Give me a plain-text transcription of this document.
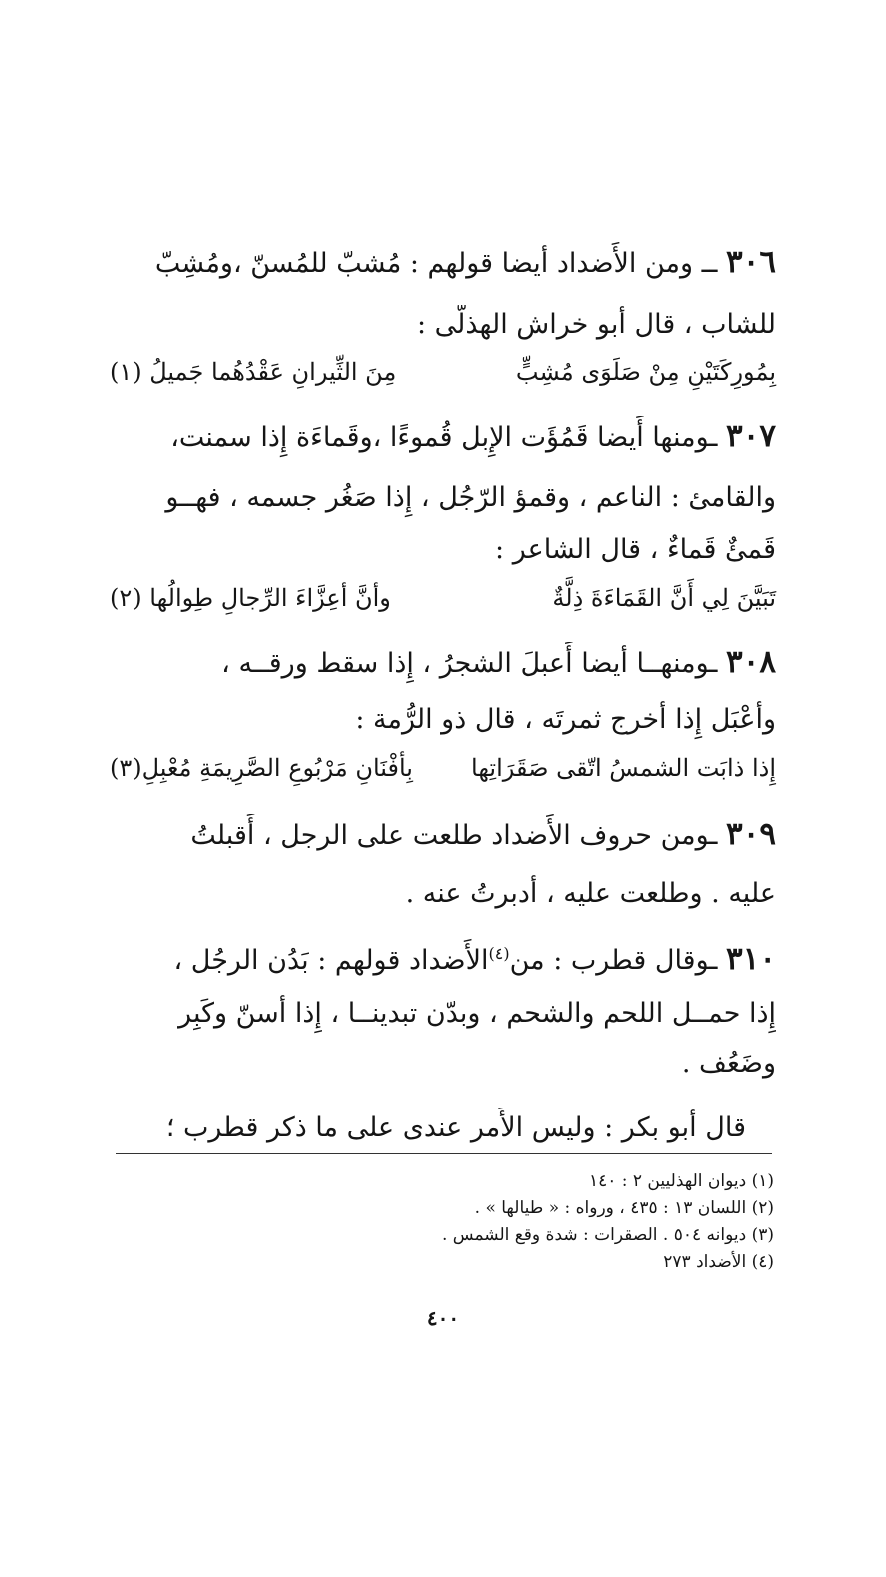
٣٠٦ ــ ومن الأَضداد أيضا قولهم : مُشبّ للمُسنّ ،ومُشِبّ
للشاب ، قال أَبو خراش الهذلّى :
بِمُورِكَتَيْنِ مِنْ صَلَوَى مُشِبٍّ
مِنَ الثِّيرانِ عَقْدُهُما جَميلُ (١)
٣٠٧ ـومنها أَيضا قَمُؤَت الإِبل قُموءًا ،وقَماءَة إِذا سمنت،
والقامئ : الناعم ، وقمؤ الرّجُل ، إِذا صَغُر جسمه ، فهــو
قَمئٌ قَماءٌ ، قال الشاعر :
تَبَيَّنَ لِي أَنَّ القَمَاءَةَ ذِلَّةٌ
وأنَّ أعِزَّاءَ الرِّجالِ طِوالُها (٢)
٣٠٨ ـومنهــا أيضا أَعبلَ الشجرُ ، إِذا سقط ورقــه ،
وأَعْبَل إِذا أَخرج ثمرتَه ، قال ذو الرُّمة :
إِذا ذابَت الشمسُ اتّقى صَقَرَاتِها
بِأفْنَانِ مَرْبُوعِ الصَّرِيمَةِ مُعْبِلِ(٣)
٣٠٩ ـومن حروف الأَضداد طلعت على الرجل ، أَقبلتُ
عليه . وطلعت عليه ، أَدبرتُ عنه .
٣١٠ ـوقال قطرب : من$^{(٤)}$الأَضداد قولهم : بَدُن الرجُل ،
إِذا حمــل اللحم والشحم ، وبدّن تبدينــا ، إِذا أَسنّ وكَبِر
وضَعُف .
قال أَبو بكر : وليس الأَمر عندى على ما ذكر قطرب ؛
(١) ديوان الهذليين ٢ : ١٤٠
(٢) اللسان ١٣ : ٤٣٥ ، ورواه : « طيالها » .
(٣) ديوانه ٥٠٤ . الصقرات : شدة وقع الشمس .
(٤) الأضداد ٢٧٣
٤٠٠
